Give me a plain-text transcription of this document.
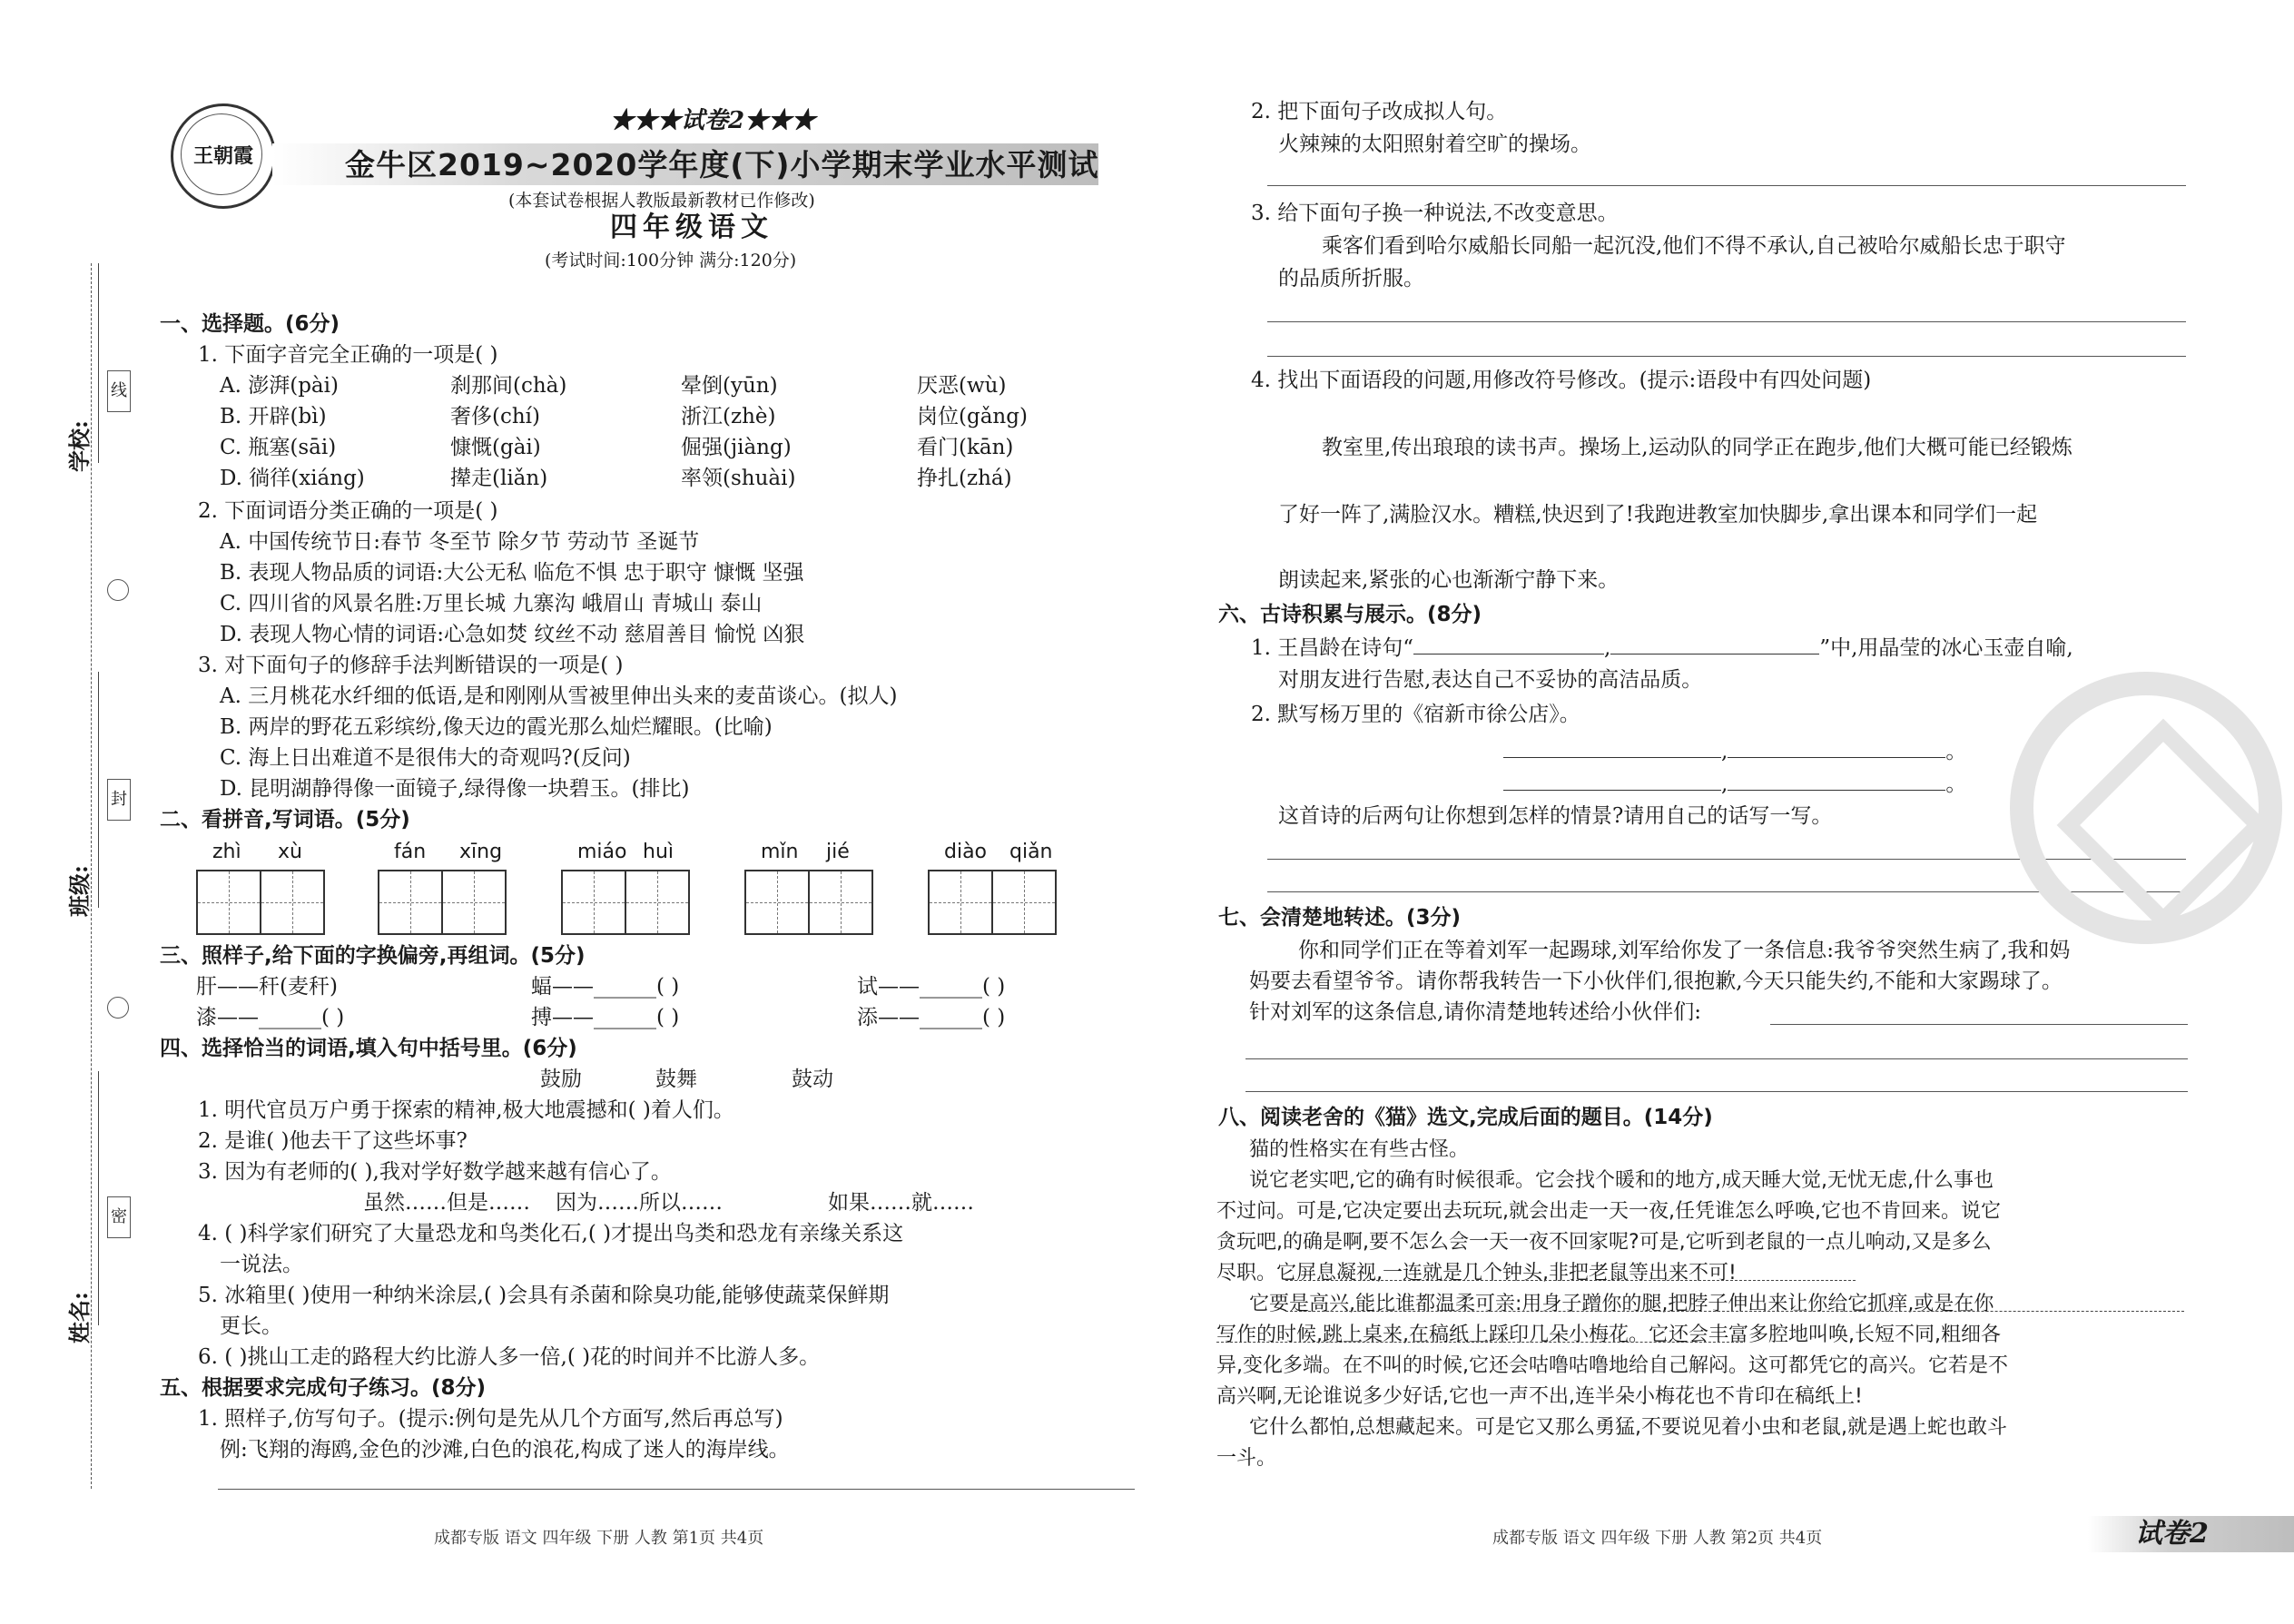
线
封
密
学校:
班级:
姓名:
王朝霞
★★★试卷2★★★
金牛区2019~2020学年度(下)小学期末学业水平测试
(本套试卷根据人教版最新教材已作修改)
四年级语文
(考试时间:100分钟 满分:120分)
一、选择题。(6分)
1. 下面字音完全正确的一项是( )
A. 澎湃(pài)	刹那间(chà)	晕倒(yūn)	厌恶(wù)
B. 开辟(bì)	奢侈(chí)	浙江(zhè)	岗位(gǎng)
C. 瓶塞(sāi)	慷慨(gài)	倔强(jiàng)	看门(kān)
D. 徜徉(xiáng)	撵走(liǎn)	率领(shuài)	挣扎(zhá)
2. 下面词语分类正确的一项是( )
A. 中国传统节日:春节 冬至节 除夕节 劳动节 圣诞节
B. 表现人物品质的词语:大公无私 临危不惧 忠于职守 慷慨 坚强
C. 四川省的风景名胜:万里长城 九寨沟 峨眉山 青城山 泰山
D. 表现人物心情的词语:心急如焚 纹丝不动 慈眉善目 愉悦 凶狠
3. 对下面句子的修辞手法判断错误的一项是( )
A. 三月桃花水纤细的低语,是和刚刚从雪被里伸出头来的麦苗谈心。(拟人)
B. 两岸的野花五彩缤纷,像天边的霞光那么灿烂耀眼。(比喻)
C. 海上日出难道不是很伟大的奇观吗?(反问)
D. 昆明湖静得像一面镜子,绿得像一块碧玉。(排比)
二、看拼音,写词语。(5分)
zhì xù	fán xīng	miáo huì	mǐn jié	diào qiǎn
三、照样子,给下面的字换偏旁,再组词。(5分)
肝——秆(麦秆)	蝠——______( )	试——______( )
漆——______( )	搏——______( )	添——______( )
四、选择恰当的词语,填入句中括号里。(6分)
鼓励	鼓舞	鼓动
1. 明代官员万户勇于探索的精神,极大地震撼和( )着人们。
2. 是谁( )他去干了这些坏事?
3. 因为有老师的( ),我对学好数学越来越有信心了。
虽然……但是…… 因为……所以……	如果……就……
4. ( )科学家们研究了大量恐龙和鸟类化石,( )才提出鸟类和恐龙有亲缘关系这
一说法。
5. 冰箱里( )使用一种纳米涂层,( )会具有杀菌和除臭功能,能够使蔬菜保鲜期
更长。
6. ( )挑山工走的路程大约比游人多一倍,( )花的时间并不比游人多。
五、根据要求完成句子练习。(8分)
1. 照样子,仿写句子。(提示:例句是先从几个方面写,然后再总写)
例:飞翔的海鸥,金色的沙滩,白色的浪花,构成了迷人的海岸线。
成都专版 语文 四年级 下册 人教 第1页 共4页
2. 把下面句子改成拟人句。
火辣辣的太阳照射着空旷的操场。
3. 给下面句子换一种说法,不改变意思。
乘客们看到哈尔威船长同船一起沉没,他们不得不承认,自己被哈尔威船长忠于职守
的品质所折服。
4. 找出下面语段的问题,用修改符号修改。(提示:语段中有四处问题)
教室里,传出琅琅的读书声。操场上,运动队的同学正在跑步,他们大概可能已经锻炼
了好一阵了,满脸汉水。糟糕,快迟到了!我跑进教室加快脚步,拿出课本和同学们一起
朗读起来,紧张的心也渐渐宁静下来。
六、古诗积累与展示。(8分)
1. 王昌龄在诗句“	,	”中,用晶莹的冰心玉壶自喻,
对朋友进行告慰,表达自己不妥协的高洁品质。
2. 默写杨万里的《宿新市徐公店》。
,	。
,	。
这首诗的后两句让你想到怎样的情景?请用自己的话写一写。
七、会清楚地转述。(3分)
你和同学们正在等着刘军一起踢球,刘军给你发了一条信息:我爷爷突然生病了,我和妈
妈要去看望爷爷。请你帮我转告一下小伙伴们,很抱歉,今天只能失约,不能和大家踢球了。
针对刘军的这条信息,请你清楚地转述给小伙伴们:
八、阅读老舍的《猫》选文,完成后面的题目。(14分)
猫的性格实在有些古怪。
说它老实吧,它的确有时候很乖。它会找个暖和的地方,成天睡大觉,无忧无虑,什么事也
不过问。可是,它决定要出去玩玩,就会出走一天一夜,任凭谁怎么呼唤,它也不肯回来。说它
贪玩吧,的确是啊,要不怎么会一天一夜不回家呢?可是,它听到老鼠的一点儿响动,又是多么
尽职。它屏息凝视,一连就是几个钟头,非把老鼠等出来不可!
它要是高兴,能比谁都温柔可亲:用身子蹭你的腿,把脖子伸出来让你给它抓痒,或是在你
写作的时候,跳上桌来,在稿纸上踩印几朵小梅花。它还会丰富多腔地叫唤,长短不同,粗细各
异,变化多端。在不叫的时候,它还会咕噜咕噜地给自己解闷。这可都凭它的高兴。它若是不
高兴啊,无论谁说多少好话,它也一声不出,连半朵小梅花也不肯印在稿纸上!
它什么都怕,总想藏起来。可是它又那么勇猛,不要说见着小虫和老鼠,就是遇上蛇也敢斗
一斗。
成都专版 语文 四年级 下册 人教 第2页 共4页	试卷2
